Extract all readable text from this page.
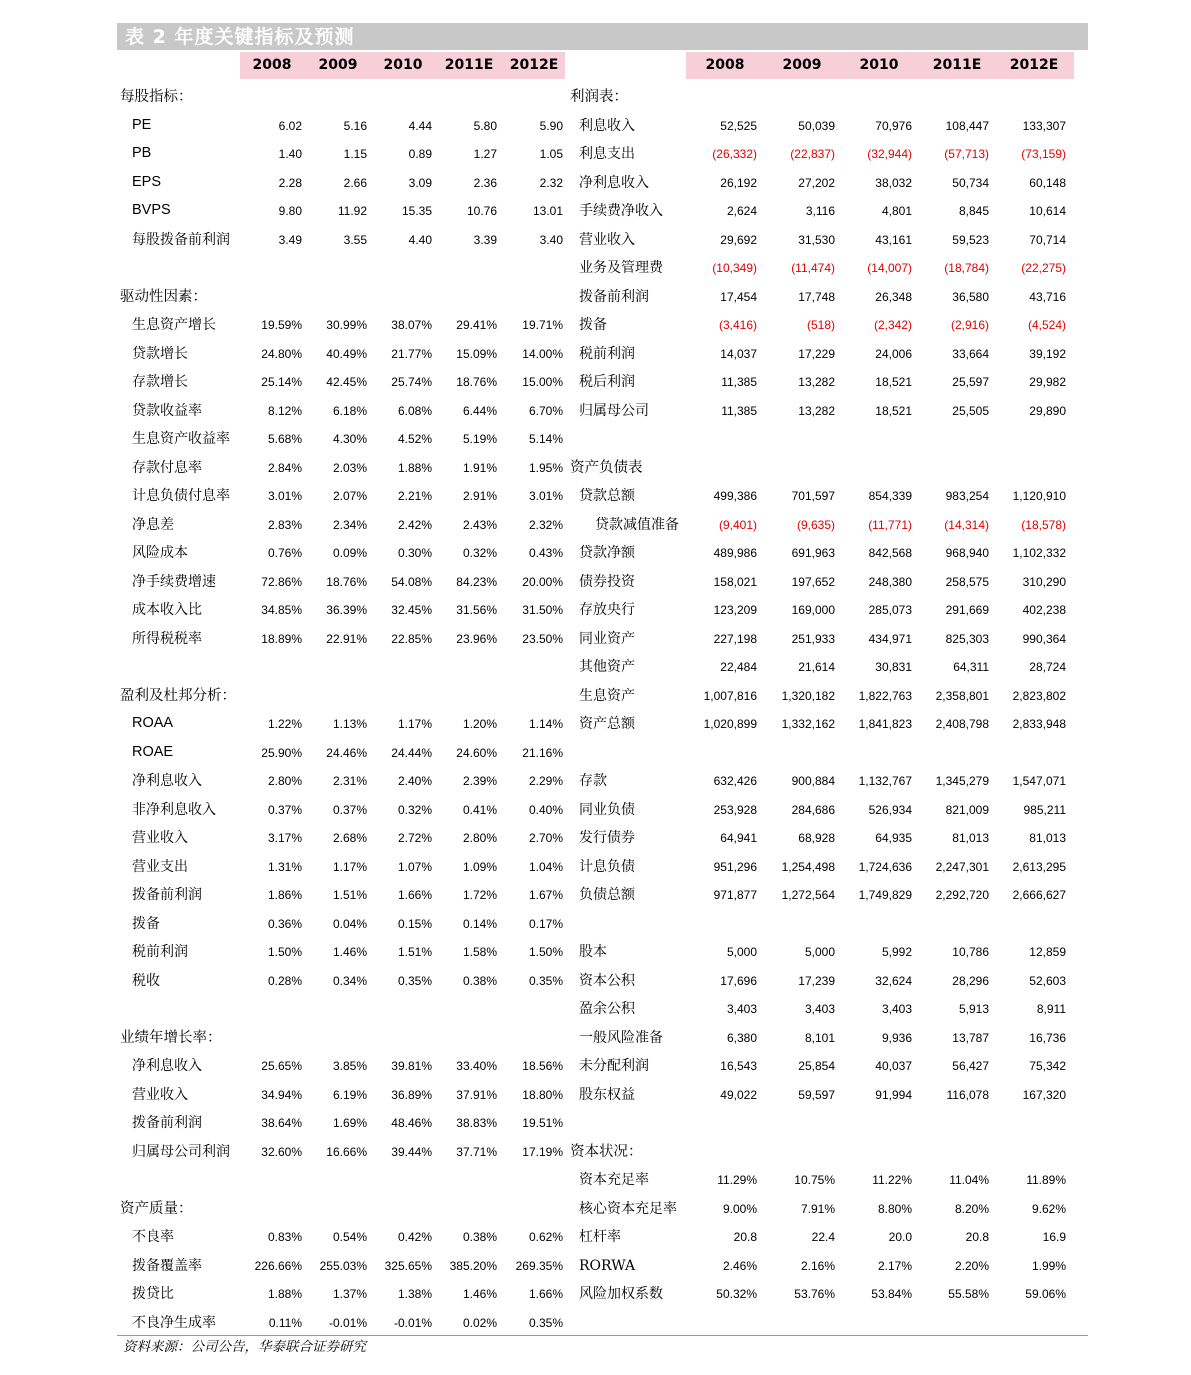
表 2 年度关键指标及预测
2008	2009	2010	2011E	2012E	2008	2009	2010	2011E	2012E
每股指标：
PE	6.02	5.16	4.44	5.80	5.90
PB	1.40	1.15	0.89	1.27	1.05
EPS	2.28	2.66	3.09	2.36	2.32
BVPS	9.80	11.92	15.35	10.76	13.01
每股拨备前利润	3.49	3.55	4.40	3.39	3.40
驱动性因素：
生息资产增长	19.59%	30.99%	38.07%	29.41%	19.71%
贷款增长	24.80%	40.49%	21.77%	15.09%	14.00%
存款增长	25.14%	42.45%	25.74%	18.76%	15.00%
贷款收益率	8.12%	6.18%	6.08%	6.44%	6.70%
生息资产收益率	5.68%	4.30%	4.52%	5.19%	5.14%
存款付息率	2.84%	2.03%	1.88%	1.91%	1.95%
计息负债付息率	3.01%	2.07%	2.21%	2.91%	3.01%
净息差	2.83%	2.34%	2.42%	2.43%	2.32%
风险成本	0.76%	0.09%	0.30%	0.32%	0.43%
净手续费增速	72.86%	18.76%	54.08%	84.23%	20.00%
成本收入比	34.85%	36.39%	32.45%	31.56%	31.50%
所得税税率	18.89%	22.91%	22.85%	23.96%	23.50%
盈利及杜邦分析：
ROAA	1.22%	1.13%	1.17%	1.20%	1.14%
ROAE	25.90%	24.46%	24.44%	24.60%	21.16%
净利息收入	2.80%	2.31%	2.40%	2.39%	2.29%
非净利息收入	0.37%	0.37%	0.32%	0.41%	0.40%
营业收入	3.17%	2.68%	2.72%	2.80%	2.70%
营业支出	1.31%	1.17%	1.07%	1.09%	1.04%
拨备前利润	1.86%	1.51%	1.66%	1.72%	1.67%
拨备	0.36%	0.04%	0.15%	0.14%	0.17%
税前利润	1.50%	1.46%	1.51%	1.58%	1.50%
税收	0.28%	0.34%	0.35%	0.38%	0.35%
业绩年增长率：
净利息收入	25.65%	3.85%	39.81%	33.40%	18.56%
营业收入	34.94%	6.19%	36.89%	37.91%	18.80%
拨备前利润	38.64%	1.69%	48.46%	38.83%	19.51%
归属母公司利润	32.60%	16.66%	39.44%	37.71%	17.19%
资产质量：
不良率	0.83%	0.54%	0.42%	0.38%	0.62%
拨备覆盖率	226.66%	255.03%	325.65%	385.20%	269.35%
拨贷比	1.88%	1.37%	1.38%	1.46%	1.66%
不良净生成率	0.11%	-0.01%	-0.01%	0.02%	0.35%
利润表：
利息收入	52,525	50,039	70,976	108,447	133,307
利息支出	(26,332)	(22,837)	(32,944)	(57,713)	(73,159)
净利息收入	26,192	27,202	38,032	50,734	60,148
手续费净收入	2,624	3,116	4,801	8,845	10,614
营业收入	29,692	31,530	43,161	59,523	70,714
业务及管理费	(10,349)	(11,474)	(14,007)	(18,784)	(22,275)
拨备前利润	17,454	17,748	26,348	36,580	43,716
拨备	(3,416)	(518)	(2,342)	(2,916)	(4,524)
税前利润	14,037	17,229	24,006	33,664	39,192
税后利润	11,385	13,282	18,521	25,597	29,982
归属母公司	11,385	13,282	18,521	25,505	29,890
资产负债表
贷款总额	499,386	701,597	854,339	983,254	1,120,910
贷款减值准备	(9,401)	(9,635)	(11,771)	(14,314)	(18,578)
贷款净额	489,986	691,963	842,568	968,940	1,102,332
债券投资	158,021	197,652	248,380	258,575	310,290
存放央行	123,209	169,000	285,073	291,669	402,238
同业资产	227,198	251,933	434,971	825,303	990,364
其他资产	22,484	21,614	30,831	64,311	28,724
生息资产	1,007,816	1,320,182	1,822,763	2,358,801	2,823,802
资产总额	1,020,899	1,332,162	1,841,823	2,408,798	2,833,948
存款	632,426	900,884	1,132,767	1,345,279	1,547,071
同业负债	253,928	284,686	526,934	821,009	985,211
发行债券	64,941	68,928	64,935	81,013	81,013
计息负债	951,296	1,254,498	1,724,636	2,247,301	2,613,295
负债总额	971,877	1,272,564	1,749,829	2,292,720	2,666,627
股本	5,000	5,000	5,992	10,786	12,859
资本公积	17,696	17,239	32,624	28,296	52,603
盈余公积	3,403	3,403	3,403	5,913	8,911
一般风险准备	6,380	8,101	9,936	13,787	16,736
未分配利润	16,543	25,854	40,037	56,427	75,342
股东权益	49,022	59,597	91,994	116,078	167,320
资本状况：
资本充足率	11.29%	10.75%	11.22%	11.04%	11.89%
核心资本充足率	9.00%	7.91%	8.80%	8.20%	9.62%
杠杆率	20.8	22.4	20.0	20.8	16.9
RORWA	2.46%	2.16%	2.17%	2.20%	1.99%
风险加权系数	50.32%	53.76%	53.84%	55.58%	59.06%
资料来源：公司公告，华泰联合证券研究
